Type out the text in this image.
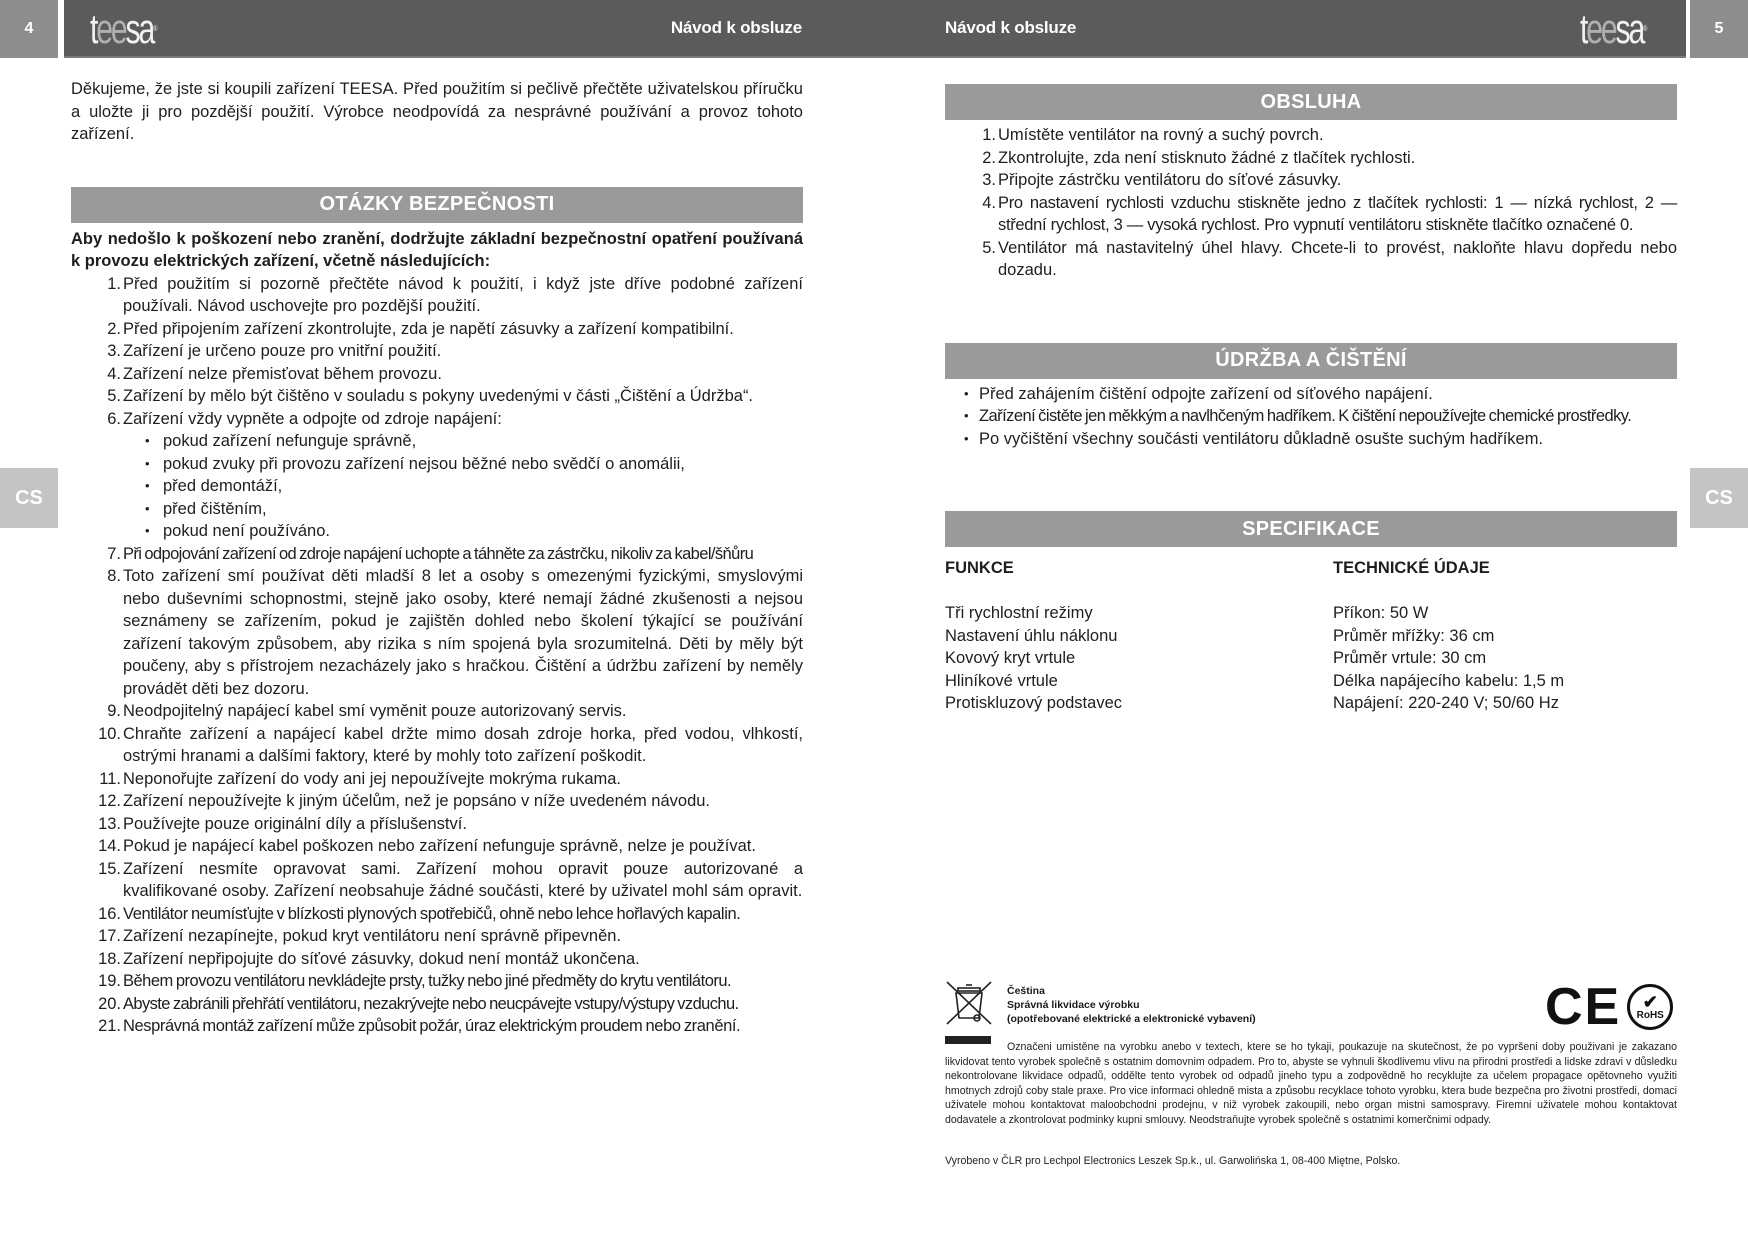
4	teesa®	Návod k obsluze	Návod k obsluze	teesa®	5
CS	CS

Děkujeme, že jste si koupili zařízení TEESA. Před použitím si pečlivě přečtěte uživatelskou příručku a uložte ji pro pozdější použití. Výrobce neodpovídá za nesprávné používání a provoz tohoto zařízení.

OTÁZKY BEZPEČNOSTI

Aby nedošlo k poškození nebo zranění, dodržujte základní bezpečnostní opatření používaná k provozu elektrických zařízení, včetně následujících:

1. Před použitím si pozorně přečtěte návod k použití, i když jste dříve podobné zařízení používali. Návod uschovejte pro pozdější použití.
2. Před připojením zařízení zkontrolujte, zda je napětí zásuvky a zařízení kompatibilní.
3. Zařízení je určeno pouze pro vnitřní použití.
4. Zařízení nelze přemisťovat během provozu.
5. Zařízení by mělo být čištěno v souladu s pokyny uvedenými v části „Čištění a Údržba“.
6. Zařízení vždy vypněte a odpojte od zdroje napájení:
• pokud zařízení nefunguje správně,
• pokud zvuky při provozu zařízení nejsou běžné nebo svědčí o anomálii,
• před demontáží,
• před čištěním,
• pokud není používáno.
7. Při odpojování zařízení od zdroje napájení uchopte a táhněte za zástrčku, nikoliv za kabel/šňůru
8. Toto zařízení smí používat děti mladší 8 let a osoby s omezenými fyzickými, smyslovými nebo duševními schopnostmi, stejně jako osoby, které nemají žádné zkušenosti a nejsou seznámeny se zařízením, pokud je zajištěn dohled nebo školení týkající se používání zařízení takovým způsobem, aby rizika s ním spojená byla srozumitelná. Děti by měly být poučeny, aby s přístrojem nezacházely jako s hračkou. Čištění a údržbu zařízení by neměly provádět děti bez dozoru.
9. Neodpojitelný napájecí kabel smí vyměnit pouze autorizovaný servis.
10. Chraňte zařízení a napájecí kabel držte mimo dosah zdroje horka, před vodou, vlhkostí, ostrými hranami a dalšími faktory, které by mohly toto zařízení poškodit.
11. Neponořujte zařízení do vody ani jej nepoužívejte mokrýma rukama.
12. Zařízení nepoužívejte k jiným účelům, než je popsáno v níže uvedeném návodu.
13. Používejte pouze originální díly a příslušenství.
14. Pokud je napájecí kabel poškozen nebo zařízení nefunguje správně, nelze je používat.
15. Zařízení nesmíte opravovat sami. Zařízení mohou opravit pouze autorizované a kvalifikované osoby. Zařízení neobsahuje žádné součásti, které by uživatel mohl sám opravit.
16. Ventilátor neumísťujte v blízkosti plynových spotřebičů, ohně nebo lehce hořlavých kapalin.
17. Zařízení nezapínejte, pokud kryt ventilátoru není správně připevněn.
18. Zařízení nepřipojujte do síťové zásuvky, dokud není montáž ukončena.
19. Během provozu ventilátoru nevkládejte prsty, tužky nebo jiné předměty do krytu ventilátoru.
20. Abyste zabránili přehřátí ventilátoru, nezakrývejte nebo neucpávejte vstupy/výstupy vzduchu.
21. Nesprávná montáž zařízení může způsobit požár, úraz elektrickým proudem nebo zranění.
OBSLUHA
1. Umístěte ventilátor na rovný a suchý povrch.
2. Zkontrolujte, zda není stisknuto žádné z tlačítek rychlosti.
3. Připojte zástrčku ventilátoru do síťové zásuvky.
4. Pro nastavení rychlosti vzduchu stiskněte jedno z tlačítek rychlosti: 1 — nízká rychlost, 2 — střední rychlost, 3 — vysoká rychlost. Pro vypnutí ventilátoru stiskněte tlačítko označené 0.
5. Ventilátor má nastavitelný úhel hlavy. Chcete-li to provést, nakloňte hlavu dopředu nebo dozadu.
ÚDRŽBA A ČIŠTĚNÍ
• Před zahájením čištění odpojte zařízení od síťového napájení.
• Zařízení čistěte jen měkkým a navlhčeným hadříkem. K čištění nepoužívejte chemické prostředky.
• Po vyčištění všechny součásti ventilátoru důkladně osušte suchým hadříkem.
SPECIFIKACE
FUNKCE	TECHNICKÉ ÚDAJE
Tři rychlostní režimy	Příkon: 50 W
Nastavení úhlu náklonu	Průměr mřížky: 36 cm
Kovový kryt vrtule	Průměr vrtule: 30 cm
Hliníkové vrtule	Délka napájecího kabelu: 1,5 m
Protiskluzový podstavec	Napájení: 220-240 V; 50/60 Hz
Čeština
Správná likvidace výrobku
(opotřebované elektrické a elektronické vybavení)

Označeni umistěne na vyrobku anebo v textech, ktere se ho tykaji, poukazuje na skutečnost, že po vypršeni doby použivani je zakazano likvidovat tento vyrobek společně s ostatnim domovnim odpadem. Pro to, abyste se vyhnuli škodlivemu vlivu na přirodni prostředi a lidske zdravi v důsledku nekontrolovane likvidace odpadů, oddělte tento vyrobek od odpadů jineho typu a zodpovědně ho recyklujte za učelem propagace opětovneho využiti hmotnych zdrojů coby stale praxe. Pro vice informaci ohledně mista a způsobu recyklace tohoto vyrobku, ktera bude bezpečna pro životni prostředi, domaci uživatele mohou kontaktovat maloobchodni prodejnu, v niž vyrobek zakoupili, nebo organ mistni samospravy. Firemni uživatele mohou kontaktovat dodavatele a zkontrolovat podminky kupni smlouvy. Neodstraňujte vyrobek společně s ostatnimi komerčnimi odpady.

Vyrobeno v ČLR pro Lechpol Electronics Leszek Sp.k., ul. Garwolińska 1, 08-400 Miętne, Polsko.

CE ✔
RoHS
